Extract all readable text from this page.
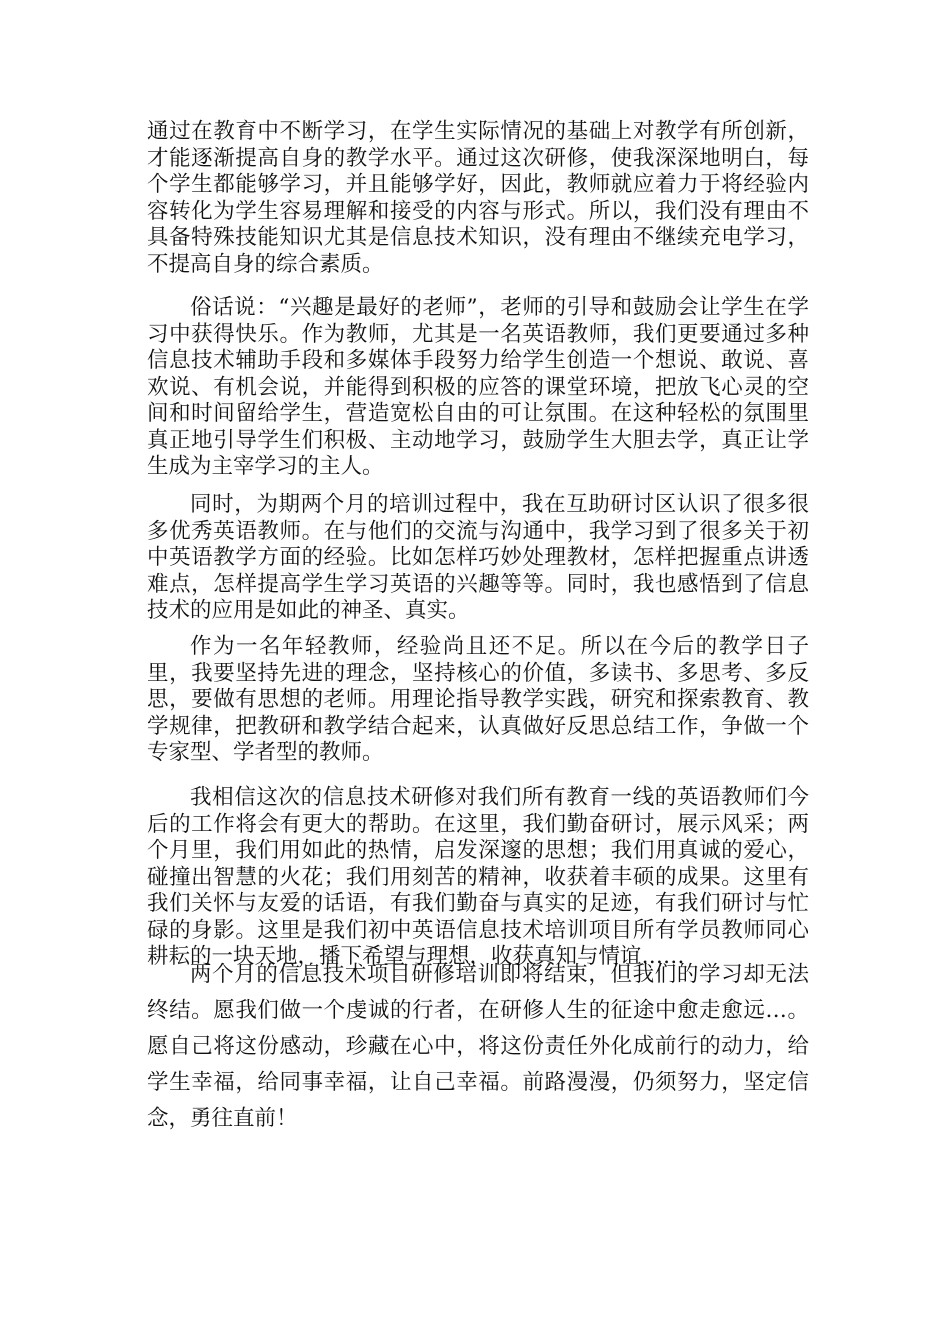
通过在教育中不断学习，在学生实际情况的基础上对教学有所创新，才能逐渐提高自身的教学水平。通过这次研修，使我深深地明白，每个学生都能够学习，并且能够学好，因此，教师就应着力于将经验内容转化为学生容易理解和接受的内容与形式。所以，我们没有理由不具备特殊技能知识尤其是信息技术知识，没有理由不继续充电学习，不提高自身的综合素质。

俗话说：“兴趣是最好的老师”，老师的引导和鼓励会让学生在学习中获得快乐。作为教师，尤其是一名英语教师，我们更要通过多种信息技术辅助手段和多媒体手段努力给学生创造一个想说、敢说、喜欢说、有机会说，并能得到积极的应答的课堂环境，把放飞心灵的空间和时间留给学生，营造宽松自由的可让氛围。在这种轻松的氛围里真正地引导学生们积极、主动地学习，鼓励学生大胆去学，真正让学生成为主宰学习的主人。

同时，为期两个月的培训过程中，我在互助研讨区认识了很多很多优秀英语教师。在与他们的交流与沟通中，我学习到了很多关于初中英语教学方面的经验。比如怎样巧妙处理教材，怎样把握重点讲透难点，怎样提高学生学习英语的兴趣等等。同时，我也感悟到了信息技术的应用是如此的神圣、真实。

作为一名年轻教师，经验尚且还不足。所以在今后的教学日子里，我要坚持先进的理念，坚持核心的价值，多读书、多思考、多反思，要做有思想的老师。用理论指导教学实践，研究和探索教育、教学规律，把教研和教学结合起来，认真做好反思总结工作，争做一个专家型、学者型的教师。

我相信这次的信息技术研修对我们所有教育一线的英语教师们今后的工作将会有更大的帮助。在这里，我们勤奋研讨，展示风采；两个月里，我们用如此的热情，启发深邃的思想；我们用真诚的爱心，碰撞出智慧的火花；我们用刻苦的精神，收获着丰硕的成果。这里有我们关怀与友爱的话语，有我们勤奋与真实的足迹，有我们研讨与忙碌的身影。这里是我们初中英语信息技术培训项目所有学员教师同心耕耘的一块天地，播下希望与理想，收获真知与情谊……

两个月的信息技术项目研修培训即将结束，但我们的学习却无法终结。愿我们做一个虔诚的行者，在研修人生的征途中愈走愈远…。愿自己将这份感动，珍藏在心中，将这份责任外化成前行的动力，给学生幸福，给同事幸福，让自己幸福。前路漫漫，仍须努力，坚定信念，勇往直前！
